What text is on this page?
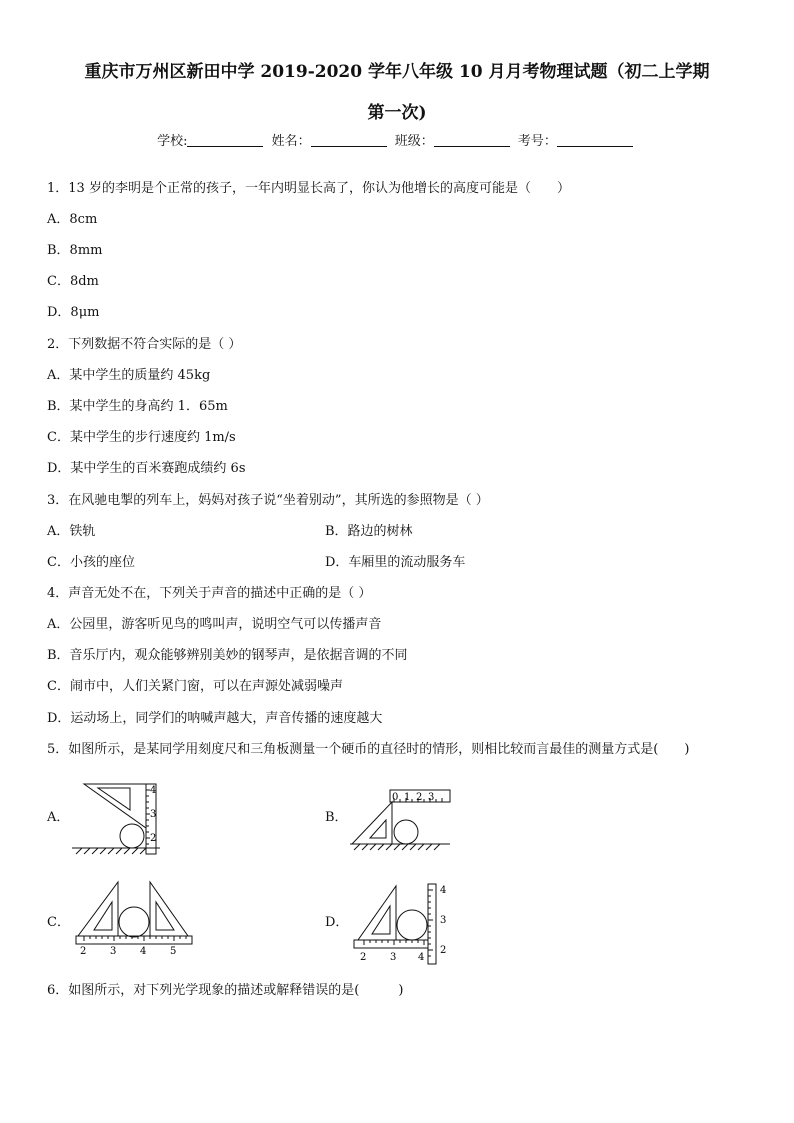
重庆市万州区新田中学 2019-2020 学年八年级 10 月月考物理试题（初二上学期
第一次)
学校:	姓名：	班级：	考号：
1．13 岁的李明是个正常的孩子，一年内明显长高了，你认为他增长的高度可能是（　　）
A．8cm
B．8mm
C．8dm
D．8μm
2．下列数据不符合实际的是（ ）
A．某中学生的质量约 45kg
B．某中学生的身高约 1．65m
C．某中学生的步行速度约 1m/s
D．某中学生的百米赛跑成绩约 6s
3．在风驰电掣的列车上，妈妈对孩子说“坐着别动”，其所选的参照物是（ ）
A．铁轨	B．路边的树林
C．小孩的座位	D．车厢里的流动服务车
4．声音无处不在，下列关于声音的描述中正确的是（ ）
A．公园里，游客听见鸟的鸣叫声，说明空气可以传播声音
B．音乐厅内，观众能够辨别美妙的钢琴声，是依据音调的不同
C．闹市中，人们关紧门窗，可以在声源处减弱噪声
D．运动场上，同学们的呐喊声越大，声音传播的速度越大
5．如图所示，是某同学用刻度尺和三角板测量一个硬币的直径时的情形，则相比较而言最佳的测量方式是(　　)
A．
4
3
2
B．
0 1 2 3
C．
2 3 4 5
D．
2 3 4
4
3
2
6．如图所示，对下列光学现象的描述或解释错误的是(　　　)
